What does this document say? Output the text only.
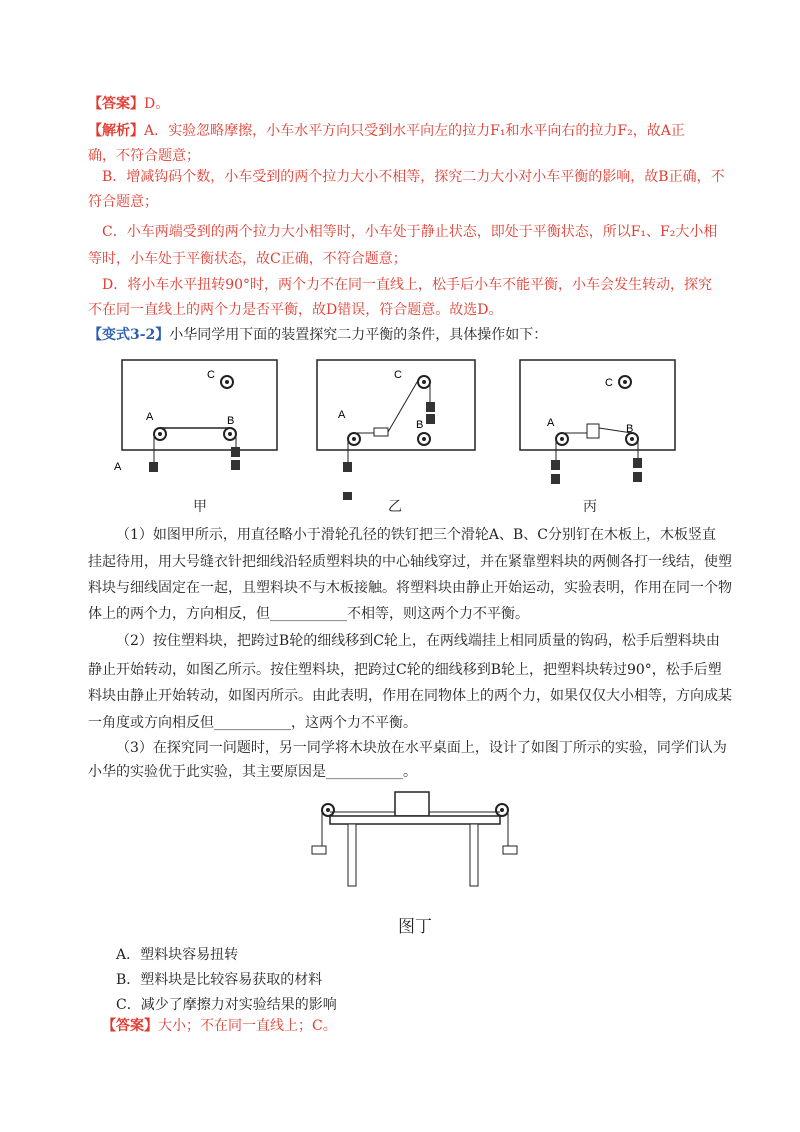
【答案】D。
【解析】A．实验忽略摩擦，小车水平方向只受到水平向左的拉力F₁和水平向右的拉力F₂，故A正
确，不符合题意；
B．增减钩码个数，小车受到的两个拉力大小不相等，探究二力大小对小车平衡的影响，故B正确，不
符合题意；
C．小车两端受到的两个拉力大小相等时，小车处于静止状态，即处于平衡状态，所以F₁、F₂大小相
等时，小车处于平衡状态，故C正确，不符合题意；
D．将小车水平扭转90°时，两个力不在同一直线上，松手后小车不能平衡，小车会发生转动，探究
不在同一直线上的两个力是否平衡，故D错误，符合题意。故选D。
【变式3-2】小华同学用下面的装置探究二力平衡的条件，具体操作如下：
C
A	B
A
甲
C
A
B
乙
C
A	B
丙
（1）如图甲所示，用直径略小于滑轮孔径的铁钉把三个滑轮A、B、C分别钉在木板上，木板竖直
挂起待用，用大号缝衣针把细线沿轻质塑料块的中心轴线穿过，并在紧靠塑料块的两侧各打一线结，使塑
料块与细线固定在一起，且塑料块不与木板接触。将塑料块由静止开始运动，实验表明，作用在同一个物
体上的两个力，方向相反，但___________不相等，则这两个力不平衡。
（2）按住塑料块，把跨过B轮的细线移到C轮上，在两线端挂上相同质量的钩码，松手后塑料块由
静止开始转动，如图乙所示。按住塑料块，把跨过C轮的细线移到B轮上，把塑料块转过90°，松手后塑
料块由静止开始转动，如图丙所示。由此表明，作用在同物体上的两个力，如果仅仅大小相等，方向成某
一角度或方向相反但___________，这两个力不平衡。
（3）在探究同一问题时，另一同学将木块放在水平桌面上，设计了如图丁所示的实验，同学们认为
小华的实验优于此实验，其主要原因是___________。
图丁
A．塑料块容易扭转
B．塑料块是比较容易获取的材料
C．减少了摩擦力对实验结果的影响
【答案】大小；不在同一直线上；C。
